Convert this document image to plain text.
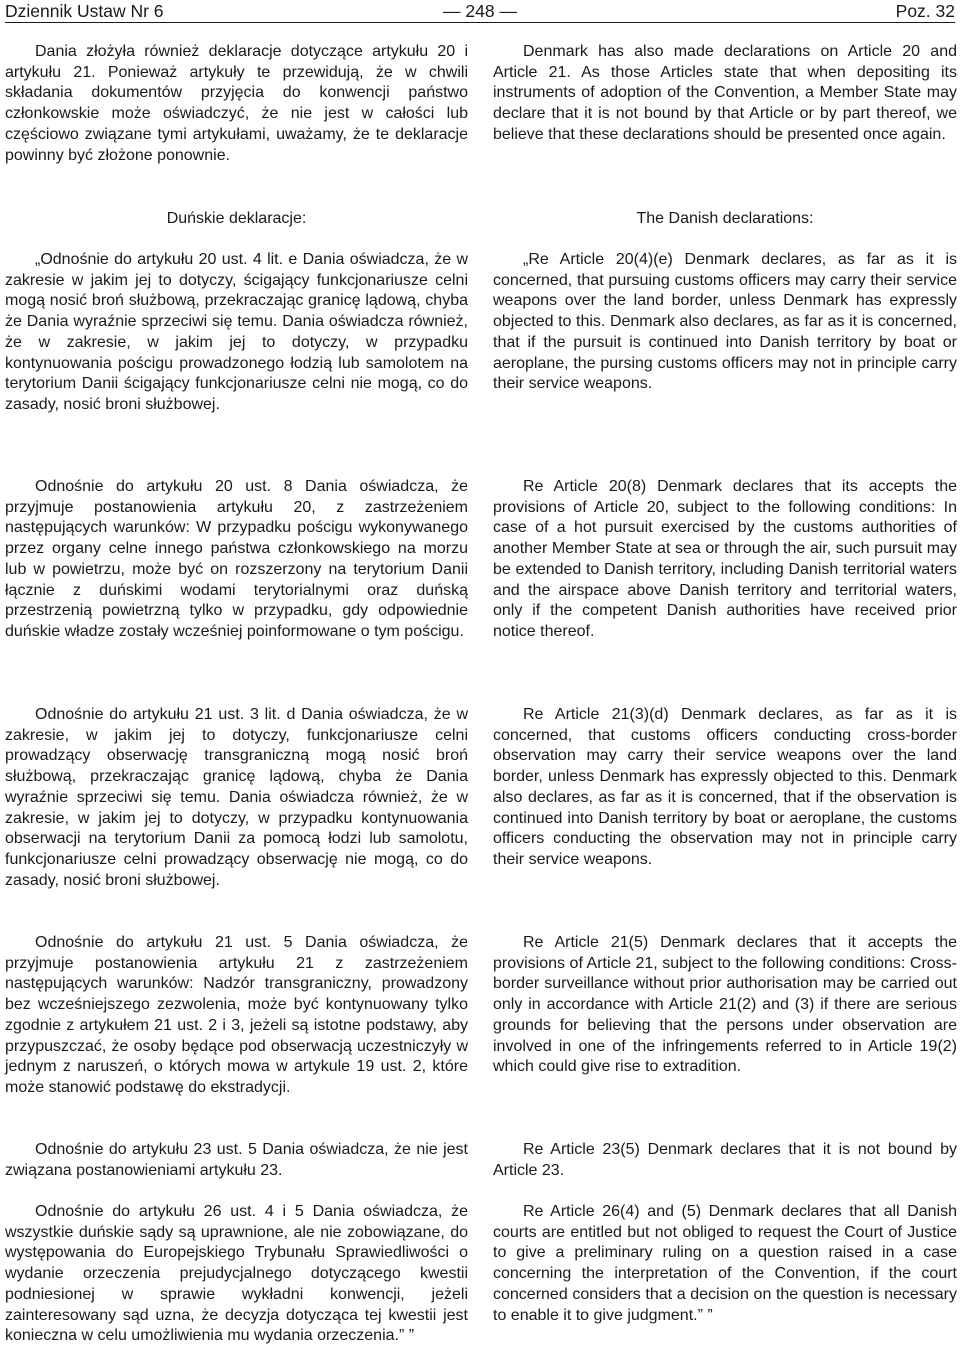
Dziennik Ustaw Nr 6	— 248 —	Poz. 32
Dania złożyła również deklaracje dotyczące artykułu 20 i artykułu 21. Ponieważ artykuły te przewidują, że w chwili składania dokumentów przyjęcia do konwencji państwo członkowskie może oświadczyć, że nie jest w całości lub częściowo związane tymi artykułami, uważamy, że te deklaracje powinny być złożone ponownie.
Duńskie deklaracje:
„Odnośnie do artykułu 20 ust. 4 lit. e Dania oświadcza, że w zakresie w jakim jej to dotyczy, ścigający funkcjonariusze celni mogą nosić broń służbową, przekraczając granicę lądową, chyba że Dania wyraźnie sprzeciwi się temu. Dania oświadcza również, że w zakresie, w jakim jej to dotyczy, w przypadku kontynuowania pościgu prowadzonego łodzią lub samolotem na terytorium Danii ścigający funkcjonariusze celni nie mogą, co do zasady, nosić broni służbowej.
Odnośnie do artykułu 20 ust. 8 Dania oświadcza, że przyjmuje postanowienia artykułu 20, z zastrzeżeniem następujących warunków: W przypadku pościgu wykonywanego przez organy celne innego państwa członkowskiego na morzu lub w powietrzu, może być on rozszerzony na terytorium Danii łącznie z duńskimi wodami terytorialnymi oraz duńską przestrzenią powietrzną tylko w przypadku, gdy odpowiednie duńskie władze zostały wcześniej poinformowane o tym pościgu.
Odnośnie do artykułu 21 ust. 3 lit. d Dania oświadcza, że w zakresie, w jakim jej to dotyczy, funkcjonariusze celni prowadzący obserwację transgraniczną mogą nosić broń służbową, przekraczając granicę lądową, chyba że Dania wyraźnie sprzeciwi się temu. Dania oświadcza również, że w zakresie, w jakim jej to dotyczy, w przypadku kontynuowania obserwacji na terytorium Danii za pomocą łodzi lub samolotu, funkcjonariusze celni prowadzący obserwację nie mogą, co do zasady, nosić broni służbowej.
Odnośnie do artykułu 21 ust. 5 Dania oświadcza, że przyjmuje postanowienia artykułu 21 z zastrzeżeniem następujących warunków: Nadzór transgraniczny, prowadzony bez wcześniejszego zezwolenia, może być kontynuowany tylko zgodnie z artykułem 21 ust. 2 i 3, jeżeli są istotne podstawy, aby przypuszczać, że osoby będące pod obserwacją uczestniczyły w jednym z naruszeń, o których mowa w artykule 19 ust. 2, które może stanowić podstawę do ekstradycji.
Odnośnie do artykułu 23 ust. 5 Dania oświadcza, że nie jest związana postanowieniami artykułu 23.
Odnośnie do artykułu 26 ust. 4 i 5 Dania oświadcza, że wszystkie duńskie sądy są uprawnione, ale nie zobowiązane, do występowania do Europejskiego Trybunału Sprawiedliwości o wydanie orzeczenia prejudycjalnego dotyczącego kwestii podniesionej w sprawie wykładni konwencji, jeżeli zainteresowany sąd uzna, że decyzja dotycząca tej kwestii jest konieczna w celu umożliwienia mu wydania orzeczenia.” ”
Denmark has also made declarations on Article 20 and Article 21. As those Articles state that when depositing its instruments of adoption of the Convention, a Member State may declare that it is not bound by that Article or by part thereof, we believe that these declarations should be presented once again.
The Danish declarations:
„Re Article 20(4)(e) Denmark declares, as far as it is concerned, that pursuing customs officers may carry their service weapons over the land border, unless Denmark has expressly objected to this. Denmark also declares, as far as it is concerned, that if the pursuit is continued into Danish territory by boat or aeroplane, the pursing customs officers may not in principle carry their service weapons.
Re Article 20(8) Denmark declares that its accepts the provisions of Article 20, subject to the following conditions: In case of a hot pursuit exercised by the customs authorities of another Member State at sea or through the air, such pursuit may be extended to Danish territory, including Danish territorial waters and the airspace above Danish territory and territorial waters, only if the competent Danish authorities have received prior notice thereof.
Re Article 21(3)(d) Denmark declares, as far as it is concerned, that customs officers conducting cross-border observation may carry their service weapons over the land border, unless Denmark has expressly objected to this. Denmark also declares, as far as it is concerned, that if the observation is continued into Danish territory by boat or aeroplane, the customs officers conducting the observation may not in principle carry their service weapons.
Re Article 21(5) Denmark declares that it accepts the provisions of Article 21, subject to the following conditions: Cross-border surveillance without prior authorisation may be carried out only in accordance with Article 21(2) and (3) if there are serious grounds for believing that the persons under observation are involved in one of the infringements referred to in Article 19(2) which could give rise to extradition.
Re Article 23(5) Denmark declares that it is not bound by Article 23.
Re Article 26(4) and (5) Denmark declares that all Danish courts are entitled but not obliged to request the Court of Justice to give a preliminary ruling on a question raised in a case concerning the interpretation of the Convention, if the court concerned considers that a decision on the question is necessary to enable it to give judgment.” ”
